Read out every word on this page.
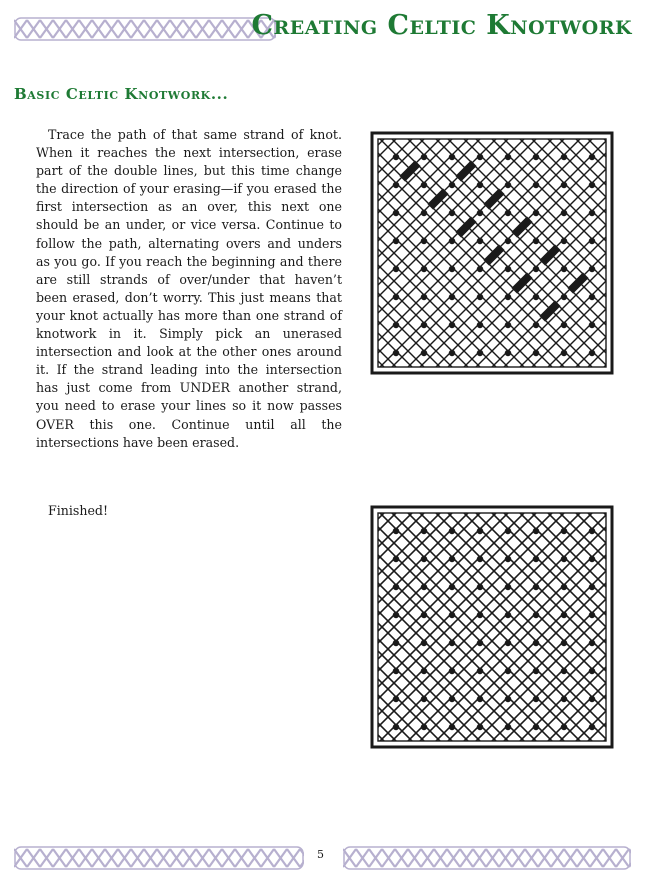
Creating Celtic Knotwork
Basic Celtic Knotwork...

Trace the path of that same strand of knot. When it reaches the next intersection, erase part of the double lines, but this time change the direction of your erasing—if you erased the first intersection as an over, this next one should be an under, or vice versa. Continue to follow the path, alternating overs and unders as you go. If you reach the beginning and there are still strands of over/under that haven’t been erased, don’t worry. This just means that your knot actually has more than one strand of knotwork in it. Simply pick an unerased intersection and look at the other ones around it. If the strand leading into the intersection has just come from UNDER another strand, you need to erase your lines so it now passes OVER this one. Continue until all the intersections have been erased.

Finished!

5
